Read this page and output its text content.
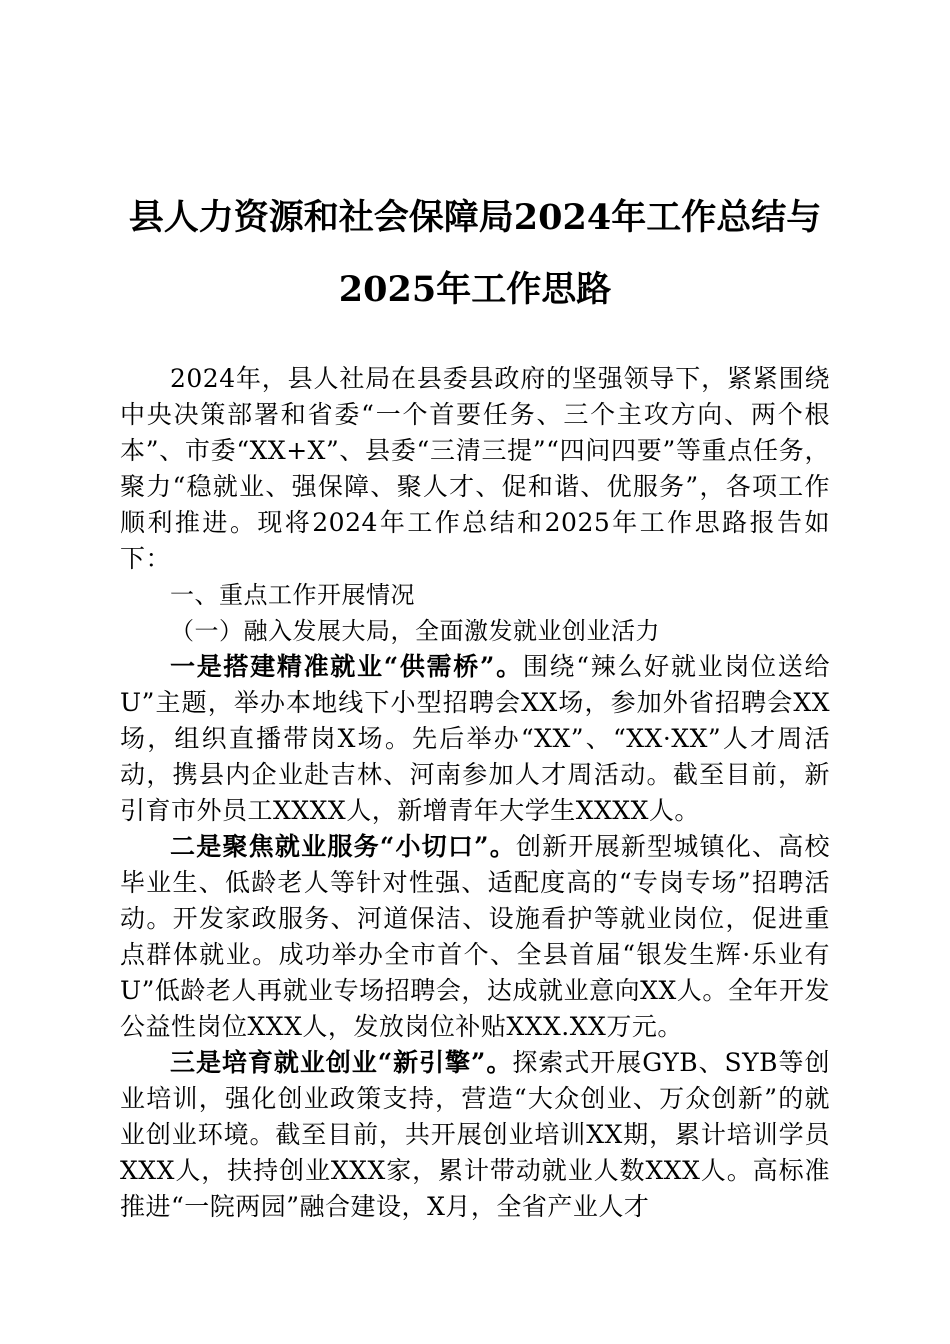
县人力资源和社会保障局2024年工作总结与
2025年工作思路

2024年，县人社局在县委县政府的坚强领导下，紧紧围绕中央决策部署和省委“一个首要任务、三个主攻方向、两个根本”、市委“XX+X”、县委“三清三提”“四问四要”等重点任务，聚力“稳就业、强保障、聚人才、促和谐、优服务”，各项工作顺利推进。现将2024年工作总结和2025年工作思路报告如下：

一、重点工作开展情况

（一）融入发展大局，全面激发就业创业活力

一是搭建精准就业“供需桥”。围绕“辣么好就业岗位送给U”主题，举办本地线下小型招聘会XX场，参加外省招聘会XX场，组织直播带岗X场。先后举办“XX”、“XX·XX”人才周活动，携县内企业赴吉林、河南参加人才周活动。截至目前，新引育市外员工XXXX人，新增青年大学生XXXX人。

二是聚焦就业服务“小切口”。创新开展新型城镇化、高校毕业生、低龄老人等针对性强、适配度高的“专岗专场”招聘活动。开发家政服务、河道保洁、设施看护等就业岗位，促进重点群体就业。成功举办全市首个、全县首届“银发生辉·乐业有U”低龄老人再就业专场招聘会，达成就业意向XX人。全年开发公益性岗位XXX人，发放岗位补贴XXX.XX万元。

三是培育就业创业“新引擎”。探索式开展GYB、SYB等创业培训，强化创业政策支持，营造“大众创业、万众创新”的就业创业环境。截至目前，共开展创业培训XX期，累计培训学员XXX人，扶持创业XXX家，累计带动就业人数XXX人。高标准推进“一院两园”融合建设，X月，全省产业人才
